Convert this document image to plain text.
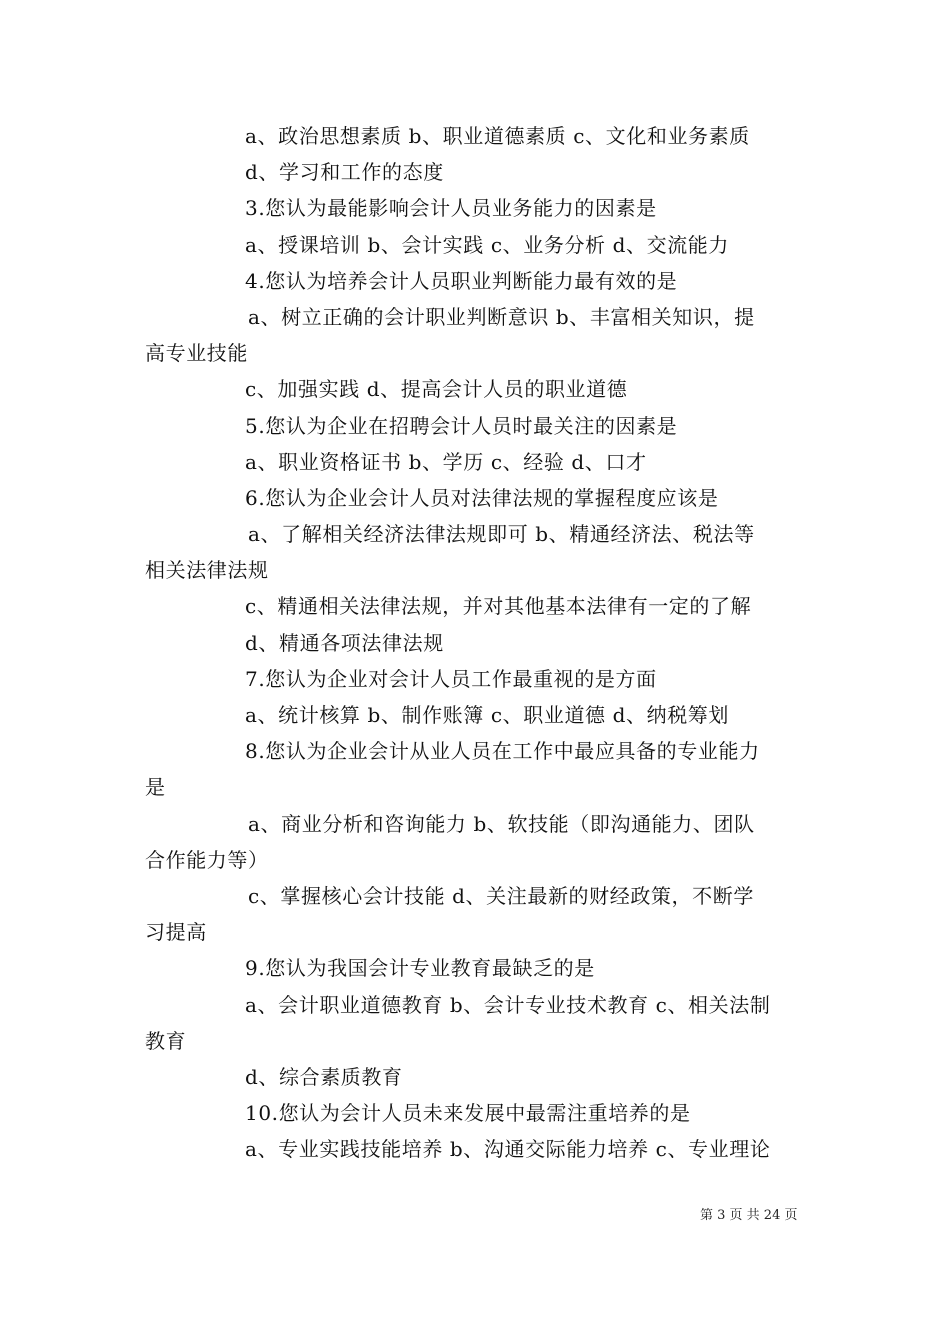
a、政治思想素质 b、职业道德素质 c、文化和业务素质
d、学习和工作的态度
3.您认为最能影响会计人员业务能力的因素是
a、授课培训 b、会计实践 c、业务分析 d、交流能力
4.您认为培养会计人员职业判断能力最有效的是
a、树立正确的会计职业判断意识 b、丰富相关知识，提
高专业技能
c、加强实践 d、提高会计人员的职业道德
5.您认为企业在招聘会计人员时最关注的因素是
a、职业资格证书 b、学历 c、经验 d、口才
6.您认为企业会计人员对法律法规的掌握程度应该是
a、了解相关经济法律法规即可 b、精通经济法、税法等
相关法律法规
c、精通相关法律法规，并对其他基本法律有一定的了解
d、精通各项法律法规
7.您认为企业对会计人员工作最重视的是方面
a、统计核算 b、制作账簿 c、职业道德 d、纳税筹划
8.您认为企业会计从业人员在工作中最应具备的专业能力
是
a、商业分析和咨询能力 b、软技能（即沟通能力、团队
合作能力等）
c、掌握核心会计技能 d、关注最新的财经政策，不断学
习提高
9.您认为我国会计专业教育最缺乏的是
a、会计职业道德教育 b、会计专业技术教育 c、相关法制
教育
d、综合素质教育
10.您认为会计人员未来发展中最需注重培养的是
a、专业实践技能培养 b、沟通交际能力培养 c、专业理论
第 3 页 共 24 页
